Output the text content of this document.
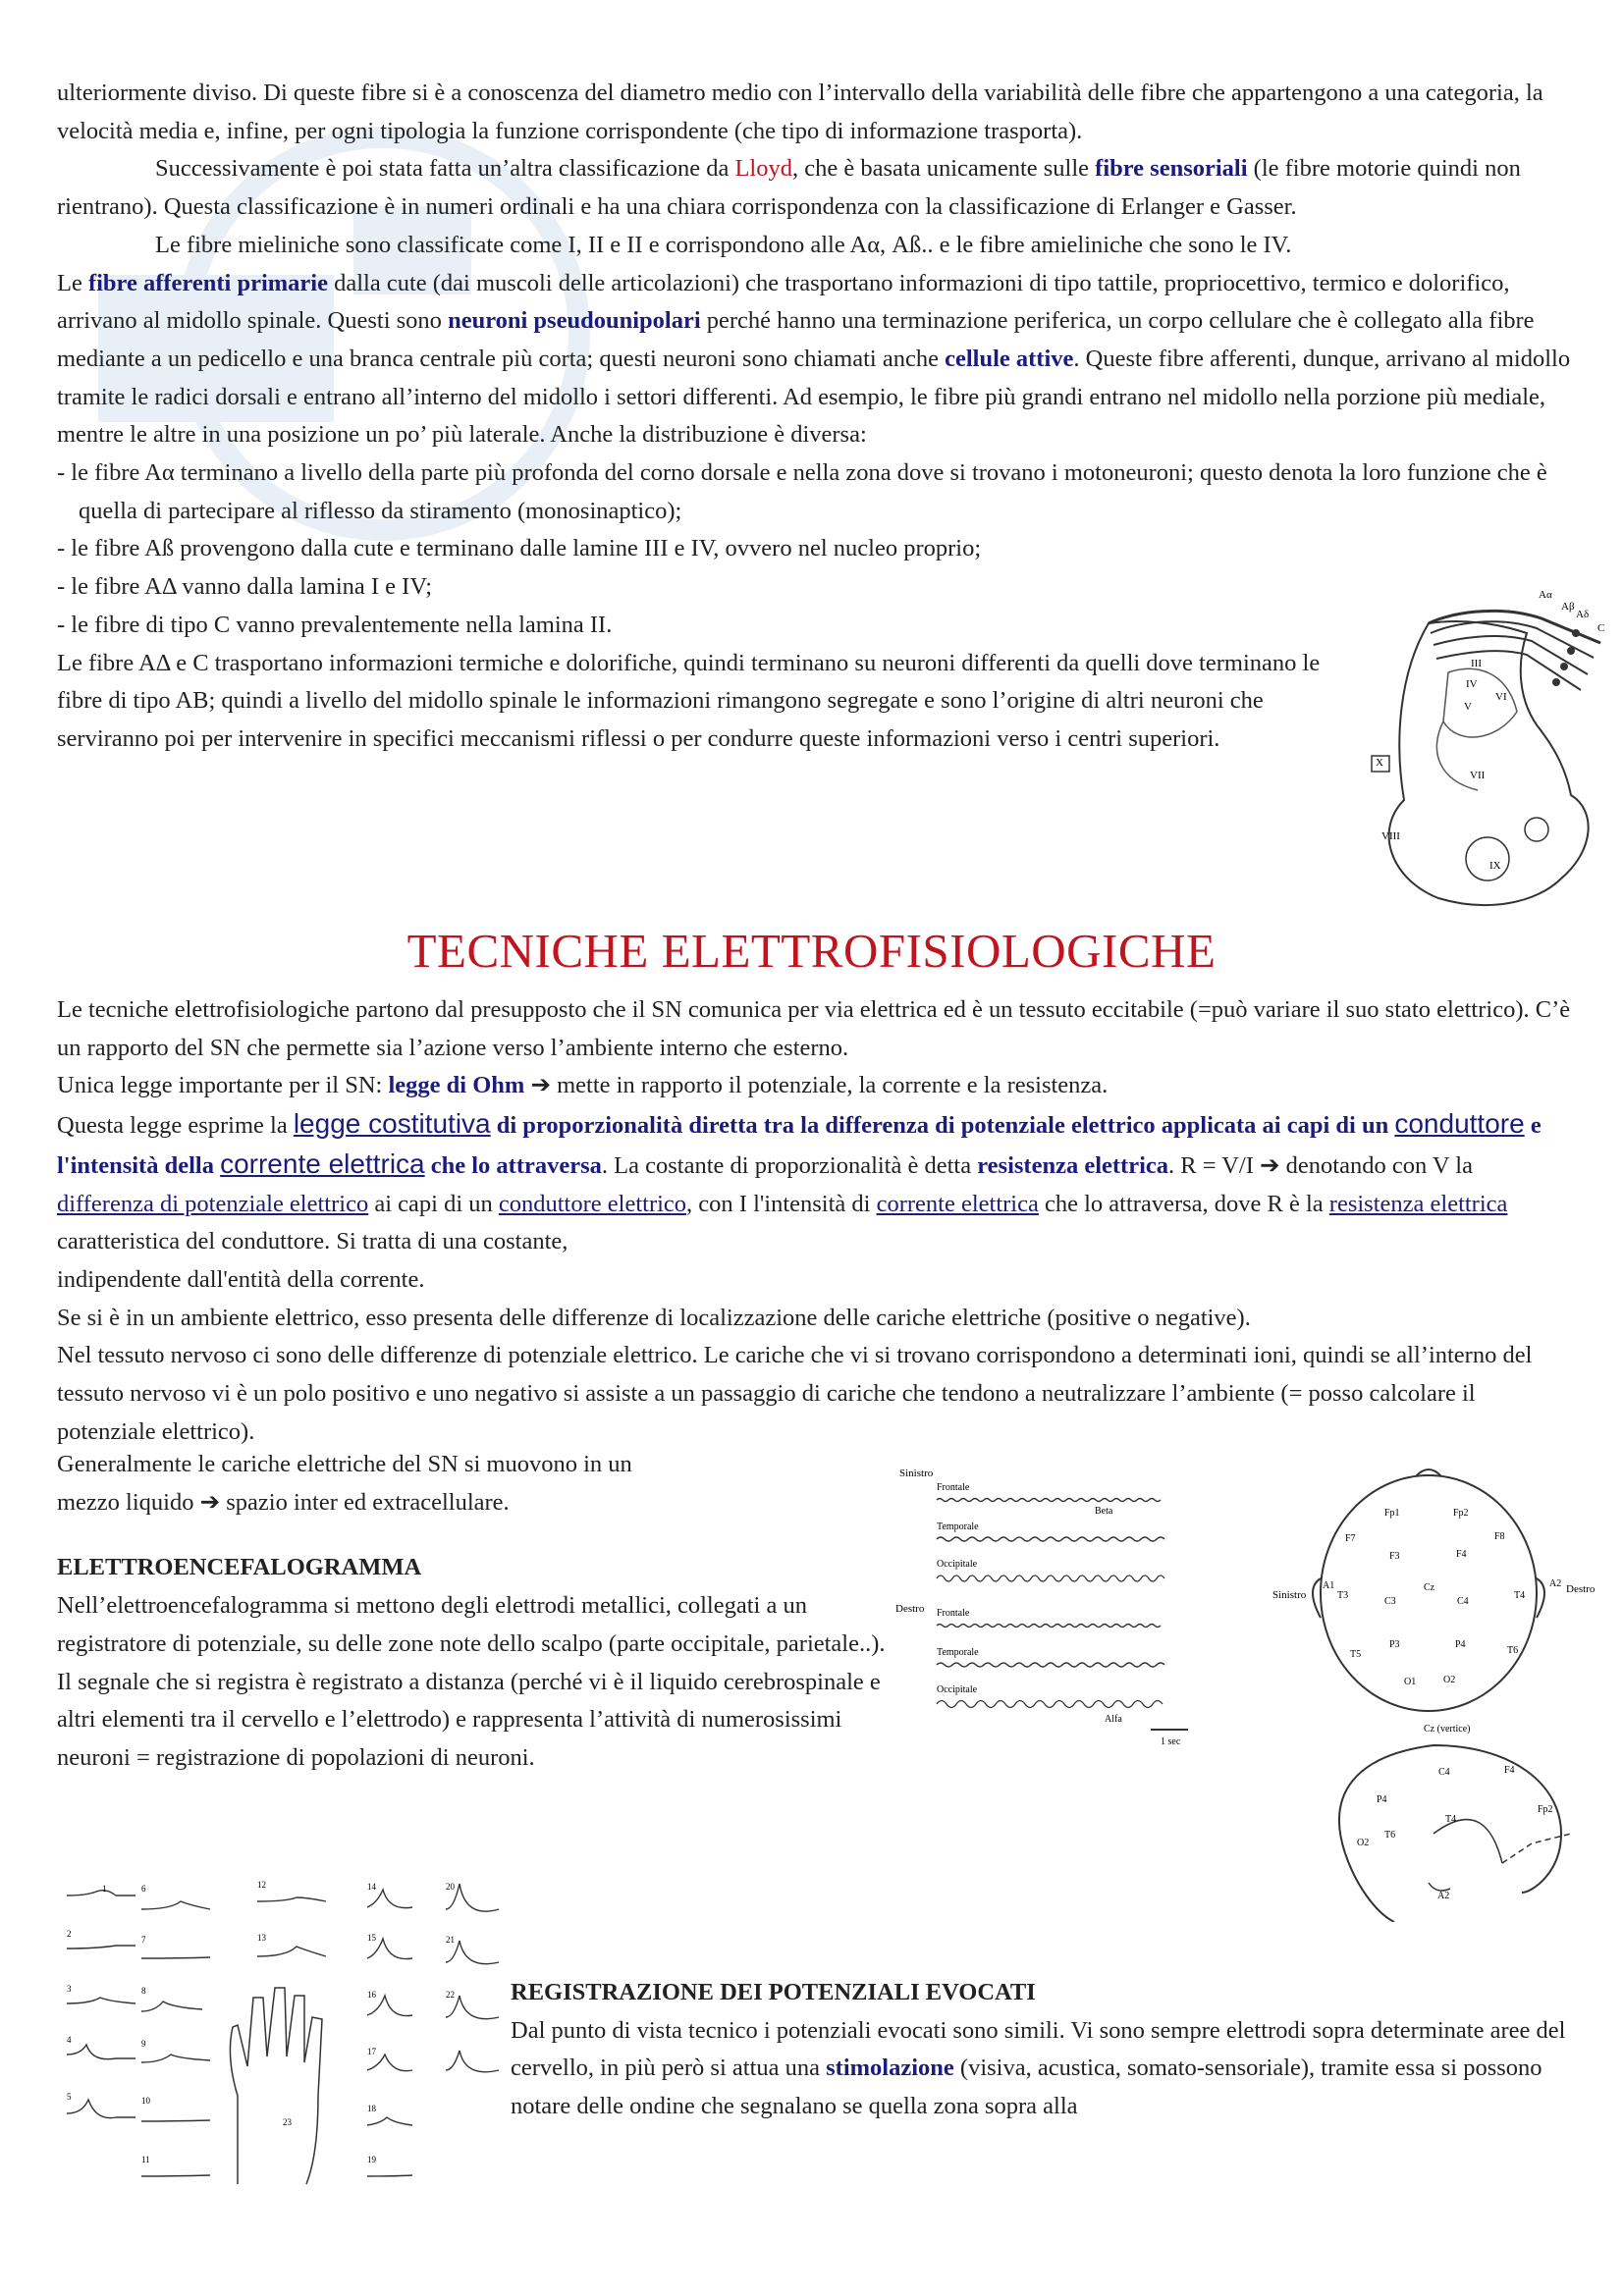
ulteriormente diviso. Di queste fibre si è a conoscenza del diametro medio con l’intervallo della variabilità delle fibre che appartengono a una categoria, la velocità media e, infine, per ogni tipologia la funzione corrispondente (che tipo di informazione trasporta).

Successivamente è poi stata fatta un’altra classificazione da Lloyd, che è basata unicamente sulle fibre sensoriali (le fibre motorie quindi non rientrano). Questa classificazione è in numeri ordinali e ha una chiara corrispondenza con la classificazione di Erlanger e Gasser.

Le fibre mieliniche sono classificate come I, II e II e corrispondono alle Aα, Aß.. e le fibre amieliniche che sono le IV.

Le fibre afferenti primarie dalla cute (dai muscoli delle articolazioni) che trasportano informazioni di tipo tattile, propriocettivo, termico e dolorifico, arrivano al midollo spinale. Questi sono neuroni pseudounipolari perché hanno una terminazione periferica, un corpo cellulare che è collegato alla fibre mediante a un pedicello e una branca centrale più corta; questi neuroni sono chiamati anche cellule attive. Queste fibre afferenti, dunque, arrivano al midollo tramite le radici dorsali e entrano all’interno del midollo i settori differenti. Ad esempio, le fibre più grandi entrano nel midollo nella porzione più mediale, mentre le altre in una posizione un po’ più laterale. Anche la distribuzione è diversa:

- le fibre Aα terminano a livello della parte più profonda del corno dorsale e nella zona dove si trovano i motoneuroni; questo denota la loro funzione che è quella di partecipare al riflesso da stiramento (monosinaptico);
- le fibre Aß provengono dalla cute e terminano dalle lamine III e IV, ovvero nel nucleo proprio;
- le fibre AΔ vanno dalla lamina I e IV;
- le fibre di tipo C vanno prevalentemente nella lamina II.

Le fibre AΔ e C trasportano informazioni termiche e dolorifiche, quindi terminano su neuroni differenti da quelli dove terminano le fibre di tipo AB; quindi a livello del midollo spinale le informazioni rimangono segregate e sono l’origine di altri neuroni che serviranno poi per intervenire in specifici meccanismi riflessi o per condurre queste informazioni verso i centri superiori.

Aα
Aβ
Aδ
C
III
IV
V
VI
VII
VIII
IX
X
TECNICHE ELETTROFISIOLOGICHE

Le tecniche elettrofisiologiche partono dal presupposto che il SN comunica per via elettrica ed è un tessuto eccitabile (=può variare il suo stato elettrico). C’è un rapporto del SN che permette sia l’azione verso l’ambiente interno che esterno.

Unica legge importante per il SN: legge di Ohm ➔ mette in rapporto il potenziale, la corrente e la resistenza.

Questa legge esprime la legge costitutiva di proporzionalità diretta tra la differenza di potenziale elettrico applicata ai capi di un conduttore e l'intensità della corrente elettrica che lo attraversa. La costante di proporzionalità è detta resistenza elettrica. R = V/I ➔ denotando con V la differenza di potenziale elettrico ai capi di un conduttore elettrico, con I l'intensità di corrente elettrica che lo attraversa, dove R è la resistenza elettrica caratteristica del conduttore. Si tratta di una costante,
indipendente dall'entità della corrente.

Se si è in un ambiente elettrico, esso presenta delle differenze di localizzazione delle cariche elettriche (positive o negative).

Nel tessuto nervoso ci sono delle differenze di potenziale elettrico. Le cariche che vi si trovano corrispondono a determinati ioni, quindi se all’interno del tessuto nervoso vi è un polo positivo e uno negativo si assiste a un passaggio di cariche che tendono a neutralizzare l’ambiente (= posso calcolare il potenziale elettrico).

Generalmente le cariche elettriche del SN si muovono in un mezzo liquido ➔ spazio inter ed extracellulare.

ELETTROENCEFALOGRAMMA

Nell’elettroencefalogramma si mettono degli elettrodi metallici, collegati a un registratore di potenziale, su delle zone note dello scalpo (parte occipitale, parietale..). Il segnale che si registra è registrato a distanza (perché vi è il liquido cerebrospinale e altri elementi tra il cervello e l’elettrodo) e rappresenta l’attività di numerosissimi neuroni = registrazione di popolazioni di neuroni.

Sinistro
Destro
Frontale
Temporale
Occipitale
Frontale
Temporale
Occipitale
Beta
Alfa
1 sec
Sinistro	Destro
Fp1	Fp2
F7
F3	F4
F8
A1
T3
C3
Cz
C4
T4
A2
T5
P3	P4
T6
O1	O2
Cz (vertice)
C4	F4
P4
Fp2
T6
T4
O2
A2
1
2
3
4
5
6
7
8
9
10
11
12
13
14
15
16
17
18
19
20
21
22
23

REGISTRAZIONE DEI POTENZIALI EVOCATI

Dal punto di vista tecnico i potenziali evocati sono simili. Vi sono sempre elettrodi sopra determinate aree del cervello, in più però si attua una stimolazione (visiva, acustica, somato-sensoriale), tramite essa si possono notare delle ondine che segnalano se quella zona sopra alla
